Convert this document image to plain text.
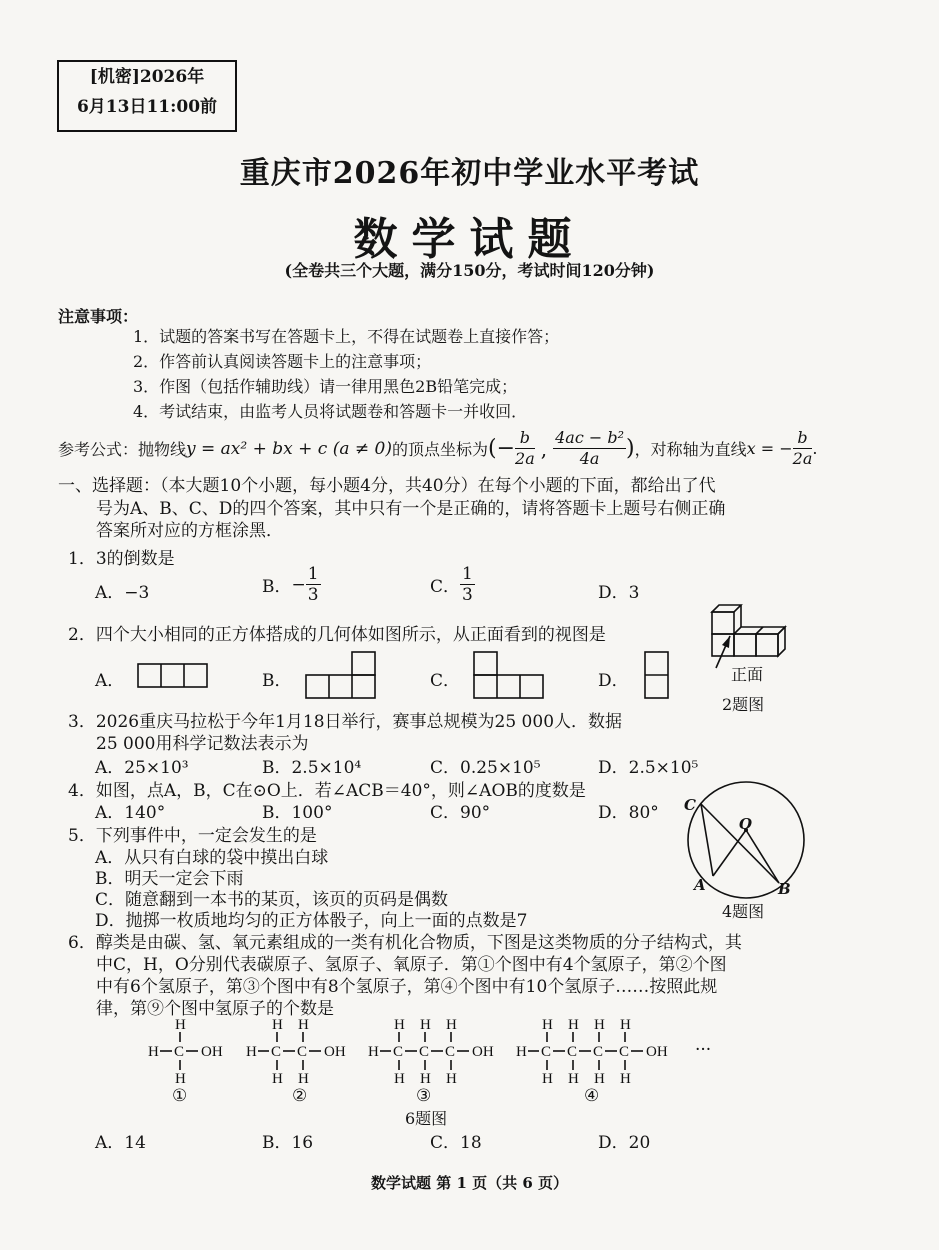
[机密]2026年
6月13日11:00前
重庆市2026年初中学业水平考试
数学试题
(全卷共三个大题，满分150分，考试时间120分钟)
注意事项：
1．试题的答案书写在答题卡上，不得在试题卷上直接作答；
2．作答前认真阅读答题卡上的注意事项；
3．作图（包括作辅助线）请一律用黑色2B铅笔完成；
4．考试结束，由监考人员将试题卷和答题卡一并收回．
参考公式：抛物线 y = ax² + bx + c (a ≠ 0) 的顶点坐标为 (− $\frac{b}{2a}$ , $\frac{\text{4ac − b²}}{4a}$ ) ，对称轴为直线 x = − $\frac{b}{2a}$ .
一、选择题：（本大题10个小题，每小题4分，共40分）在每个小题的下面，都给出了代
号为A、B、C、D的四个答案，其中只有一个是正确的，请将答题卡上题号右侧正确
答案所对应的方框涂黑．
1．3的倒数是
A．−3	B． − $\frac{1}{3}$	C． $\frac{1}{3}$	D．3
2．四个大小相同的正方体搭成的几何体如图所示，从正面看到的视图是
A．	B．	C．	D．
H
H C OH
H
H H
H C C OH
H H
H H H
H C C C OH
H H H
H H H H
H C C C C OH
H H H H
正面
2题图
3．2026重庆马拉松于今年1月18日举行，赛事总规模为25 000人．数据
25 000用科学记数法表示为
A．25×10³	B．2.5×10⁴	C．0.25×10⁵	D．2.5×10⁵
4．如图，点A，B，C在⊙O上．若∠ACB＝40°，则∠AOB的度数是
A．140°	B．100°	C．90°	D．80° C
O
A	B
4题图
5．下列事件中，一定会发生的是
A．从只有白球的袋中摸出白球
B．明天一定会下雨
C．随意翻到一本书的某页，该页的页码是偶数
D．抛掷一枚质地均匀的正方体骰子，向上一面的点数是7
6．醇类是由碳、氢、氧元素组成的一类有机化合物质，下图是这类物质的分子结构式，其
中C，H，O分别代表碳原子、氢原子、氧原子．第①个图中有4个氢原子，第②个图
中有6个氢原子，第③个图中有8个氢原子，第④个图中有10个氢原子……按照此规
律，第⑨个图中氢原子的个数是
···
①	②	③	④
6题图
A．14	B．16	C．18	D．20
数学试题 第 1 页（共 6 页）
